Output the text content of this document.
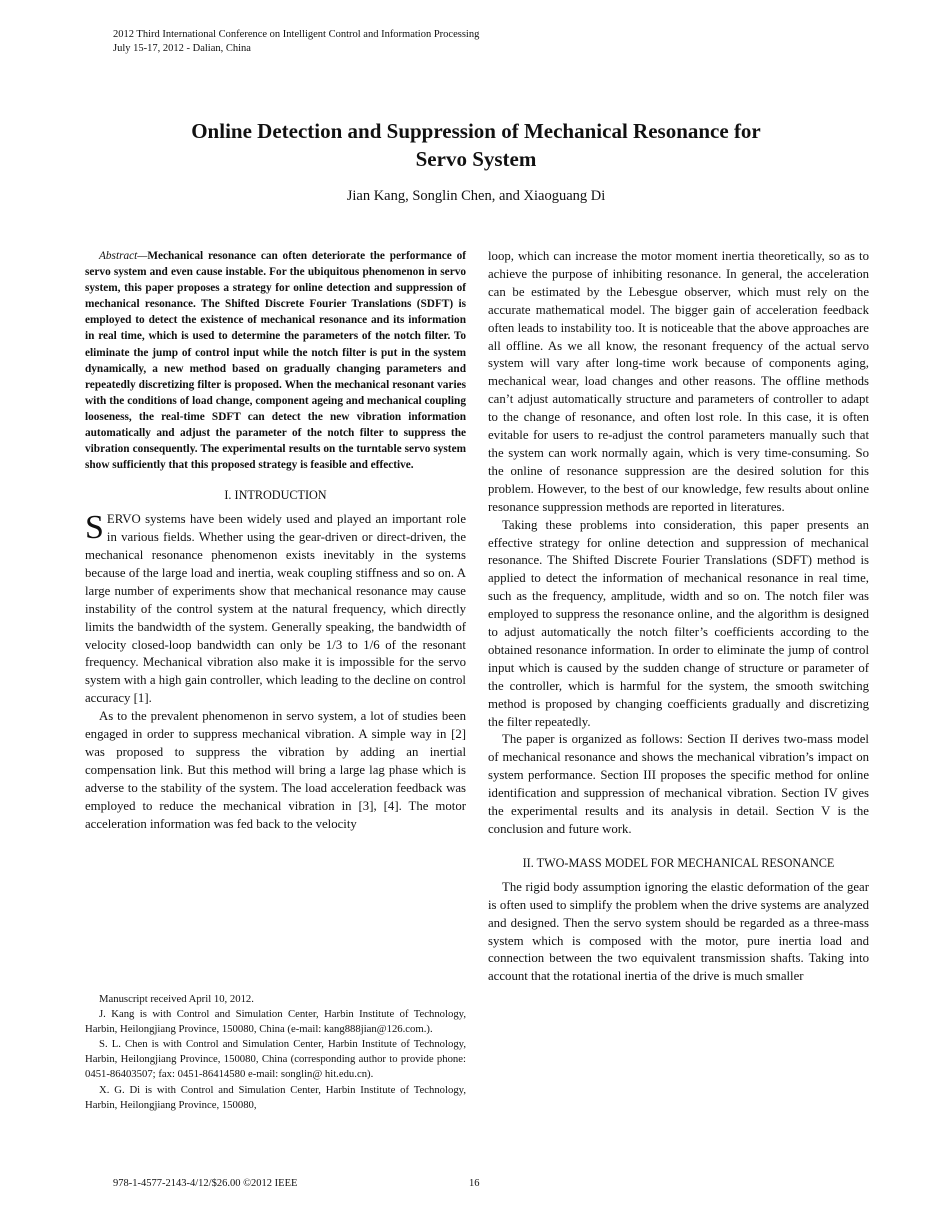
2012 Third International Conference on Intelligent Control and Information Processing
July 15-17, 2012 - Dalian, China
Online Detection and Suppression of Mechanical Resonance for
Servo System
Jian Kang, Songlin Chen, and Xiaoguang Di

Abstract—Mechanical resonance can often deteriorate the performance of servo system and even cause instable. For the ubiquitous phenomenon in servo system, this paper proposes a strategy for online detection and suppression of mechanical resonance. The Shifted Discrete Fourier Translations (SDFT) is employed to detect the existence of mechanical resonance and its information in real time, which is used to determine the parameters of the notch filter. To eliminate the jump of control input while the notch filter is put in the system dynamically, a new method based on gradually changing parameters and repeatedly discretizing filter is proposed. When the mechanical resonant varies with the conditions of load change, component ageing and mechanical coupling looseness, the real-time SDFT can detect the new vibration information automatically and adjust the parameter of the notch filter to suppress the vibration consequently. The experimental results on the turntable servo system show sufficiently that this proposed strategy is feasible and effective.

I. INTRODUCTION

SERVO systems have been widely used and played an important role in various fields. Whether using the gear-driven or direct-driven, the mechanical resonance phenomenon exists inevitably in the systems because of the large load and inertia, weak coupling stiffness and so on. A large number of experiments show that mechanical resonance may cause instability of the control system at the natural frequency, which directly limits the bandwidth of the system. Generally speaking, the bandwidth of velocity closed-loop bandwidth can only be 1/3 to 1/6 of the resonant frequency. Mechanical vibration also make it is impossible for the servo system with a high gain controller, which leading to the decline on control accuracy [1].

As to the prevalent phenomenon in servo system, a lot of studies been engaged in order to suppress mechanical vibration. A simple way in [2] was proposed to suppress the vibration by adding an inertial compensation link. But this method will bring a large lag phase which is adverse to the stability of the system. The load acceleration feedback was employed to reduce the mechanical vibration in [3], [4]. The motor acceleration information was fed back to the velocity

Manuscript received April 10, 2012.

J. Kang is with Control and Simulation Center, Harbin Institute of Technology, Harbin, Heilongjiang Province, 150080, China (e-mail: kang888jian@126.com.).

S. L. Chen is with Control and Simulation Center, Harbin Institute of Technology, Harbin, Heilongjiang Province, 150080, China (corresponding author to provide phone: 0451-86403507; fax: 0451-86414580 e-mail: songlin@ hit.edu.cn).

X. G. Di is with Control and Simulation Center, Harbin Institute of Technology, Harbin, Heilongjiang Province, 150080,

loop, which can increase the motor moment inertia theoretically, so as to achieve the purpose of inhibiting resonance. In general, the acceleration can be estimated by the Lebesgue observer, which must rely on the accurate mathematical model. The bigger gain of acceleration feedback often leads to instability too. It is noticeable that the above approaches are all offline. As we all know, the resonant frequency of the actual servo system will vary after long-time work because of components aging, mechanical wear, load changes and other reasons. The offline methods can’t adjust automatically structure and parameters of controller to adapt to the change of resonance, and often lost role. In this case, it is often evitable for users to re-adjust the control parameters manually such that the system can work normally again, which is very time-consuming. So the online of resonance suppression are the desired solution for this problem. However, to the best of our knowledge, few results about online resonance suppression methods are reported in literatures.

Taking these problems into consideration, this paper presents an effective strategy for online detection and suppression of mechanical resonance. The Shifted Discrete Fourier Translations (SDFT) method is applied to detect the information of mechanical resonance in real time, such as the frequency, amplitude, width and so on. The notch filer was employed to suppress the resonance online, and the algorithm is designed to adjust automatically the notch filter’s coefficients according to the obtained resonance information. In order to eliminate the jump of control input which is caused by the sudden change of structure or parameter of the controller, which is harmful for the system, the smooth switching method is proposed by changing coefficients gradually and discretizing the filter repeatedly.

The paper is organized as follows: Section II derives two-mass model of mechanical resonance and shows the mechanical vibration’s impact on system performance. Section III proposes the specific method for online identification and suppression of mechanical vibration. Section IV gives the experimental results and its analysis in detail. Section V is the conclusion and future work.

II. TWO-MASS MODEL FOR MECHANICAL RESONANCE

The rigid body assumption ignoring the elastic deformation of the gear is often used to simplify the problem when the drive systems are analyzed and designed. Then the servo system should be regarded as a three-mass system which is composed with the motor, pure inertia load and connection between the two equivalent transmission shafts. Taking into account that the rotational inertia of the drive is much smaller

978-1-4577-2143-4/12/$26.00 ©2012 IEEE	16
